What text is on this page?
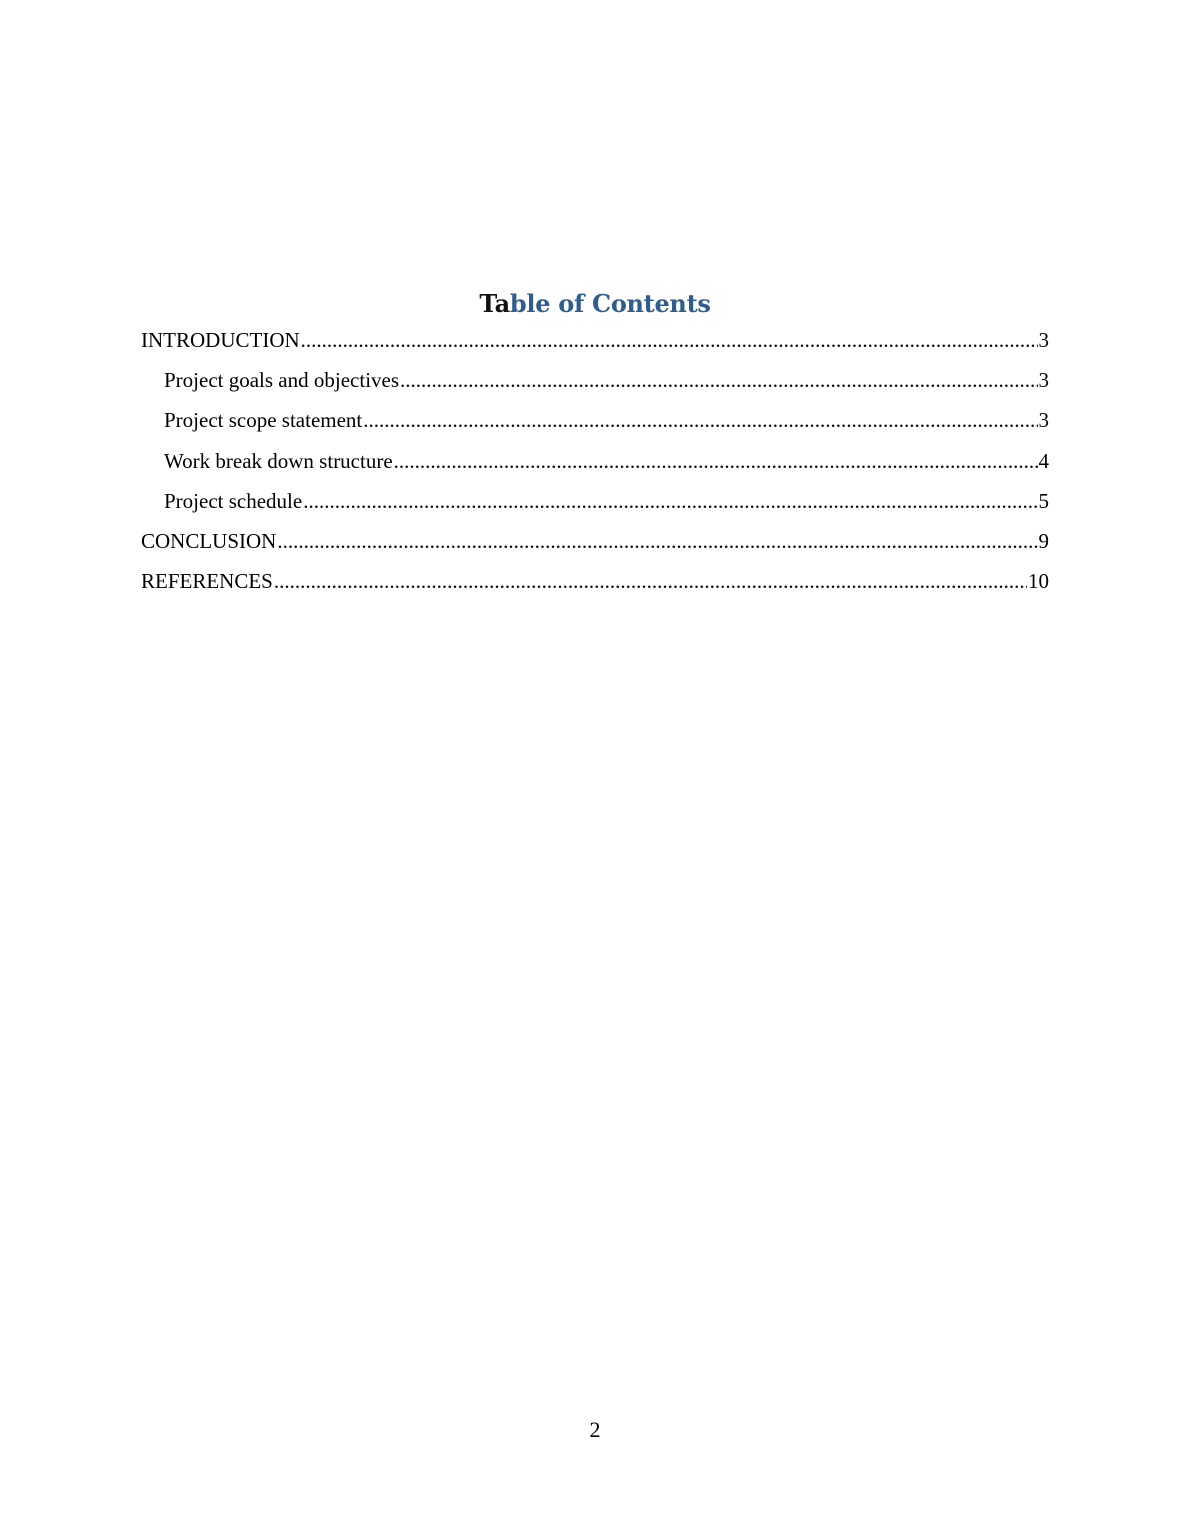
Table of Contents
INTRODUCTION .....	3
Project goals and objectives .....	3
Project scope statement .....	3
Work break down structure .....	4
Project schedule .....	5
CONCLUSION .....	9
REFERENCES .....	10
2
